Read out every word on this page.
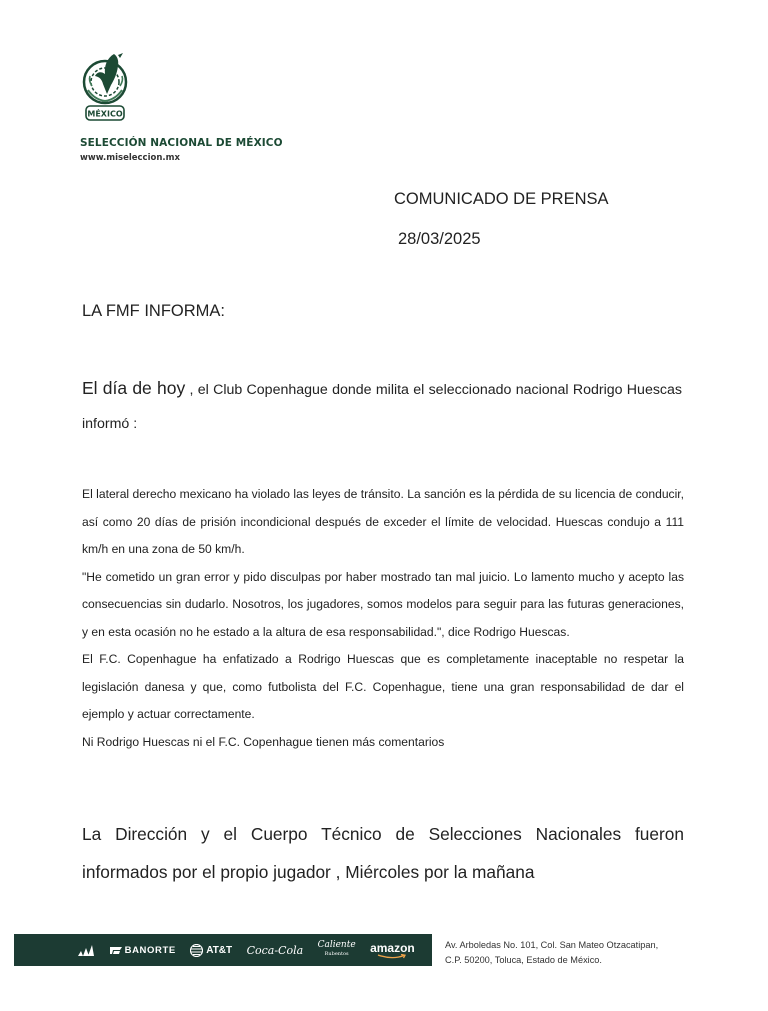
MÉXICO
SELECCIÓN NACIONAL DE MÉXICO
www.miseleccion.mx
COMUNICADO DE PRENSA
28/03/2025
LA FMF INFORMA:

El día de hoy , el Club Copenhague donde milita el seleccionado nacional Rodrigo Huescas informó :

El lateral derecho mexicano ha violado las leyes de tránsito. La sanción es la pérdida de su licencia de conducir, así como 20 días de prisión incondicional después de exceder el límite de velocidad. Huescas condujo a 111 km/h en una zona de 50 km/h.

"He cometido un gran error y pido disculpas por haber mostrado tan mal juicio. Lo lamento mucho y acepto las consecuencias sin dudarlo. Nosotros, los jugadores, somos modelos para seguir para las futuras generaciones, y en esta ocasión no he estado a la altura de esa responsabilidad.", dice Rodrigo Huescas.

El F.C. Copenhague ha enfatizado a Rodrigo Huescas que es completamente inaceptable no respetar la legislación danesa y que, como futbolista del F.C. Copenhague, tiene una gran responsabilidad de dar el ejemplo y actuar correctamente.

Ni Rodrigo Huescas ni el F.C. Copenhague tienen más comentarios

La Dirección y el Cuerpo Técnico de Selecciones Nacionales fueron informados por el propio jugador , Miércoles por la mañana

BANORTE	AT&T Coca-Cola Caliente
Rubentos amazon	Av. Arboledas No. 101, Col. San Mateo Otzacatipan,
C.P. 50200, Toluca, Estado de México.
